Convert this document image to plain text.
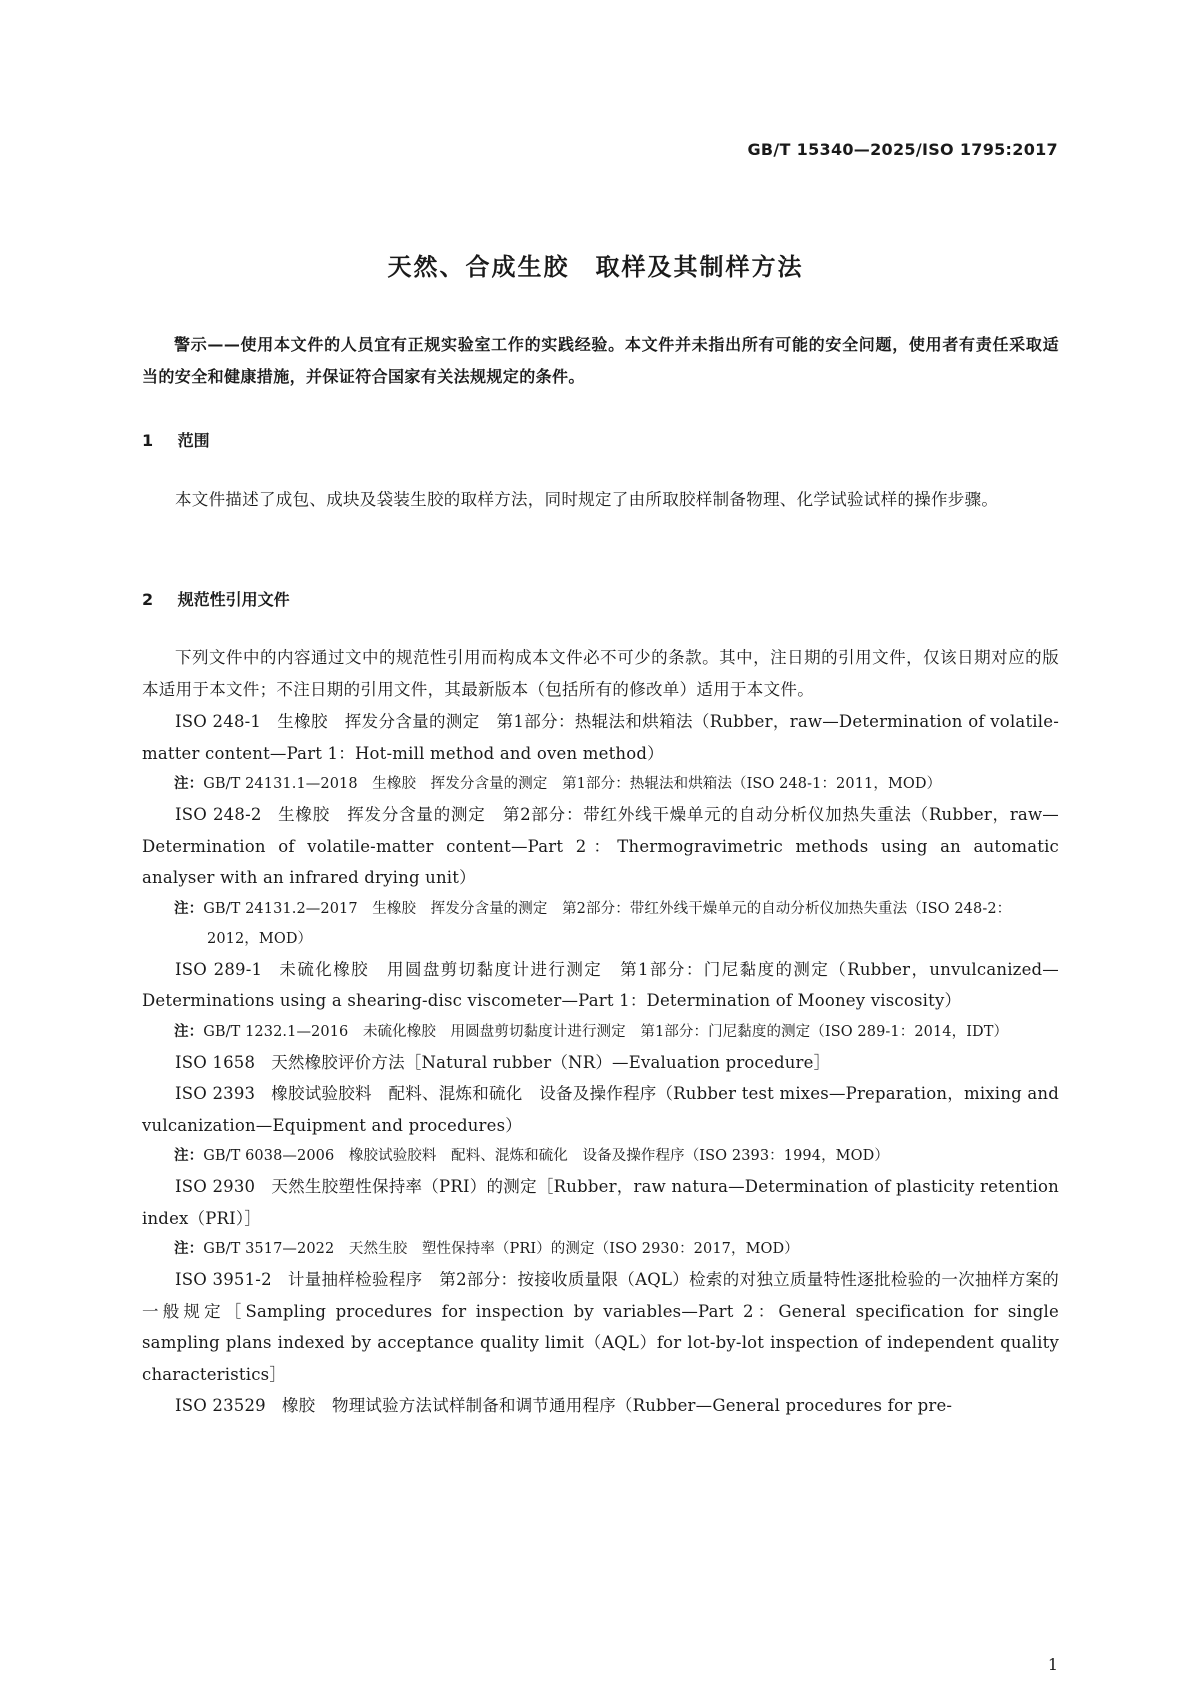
GB/T 15340—2025/ISO 1795:2017
天然、合成生胶　取样及其制样方法
警示——使用本文件的人员宜有正规实验室工作的实践经验。本文件并未指出所有可能的安全问题，使用者有责任采取适当的安全和健康措施，并保证符合国家有关法规规定的条件。
1 范围

本文件描述了成包、成块及袋装生胶的取样方法，同时规定了由所取胶样制备物理、化学试验试样的操作步骤。

2 规范性引用文件

下列文件中的内容通过文中的规范性引用而构成本文件必不可少的条款。其中，注日期的引用文件，仅该日期对应的版本适用于本文件；不注日期的引用文件，其最新版本（包括所有的修改单）适用于本文件。

ISO 248-1 生橡胶　挥发分含量的测定　第1部分：热辊法和烘箱法（Rubber，raw—Determination of volatile-matter content—Part 1：Hot-mill method and oven method）

注：GB/T 24131.1—2018　生橡胶　挥发分含量的测定　第1部分：热辊法和烘箱法（ISO 248-1：2011，MOD）

ISO 248-2 生橡胶　挥发分含量的测定　第2部分：带红外线干燥单元的自动分析仪加热失重法（Rubber，raw—Determination of volatile-matter content—Part 2：Thermogravimetric methods using an automatic analyser with an infrared drying unit）

注：GB/T 24131.2—2017　生橡胶　挥发分含量的测定　第2部分：带红外线干燥单元的自动分析仪加热失重法（ISO 248-2：2012，MOD）

ISO 289-1 未硫化橡胶　用圆盘剪切黏度计进行测定　第1部分：门尼黏度的测定（Rubber，unvulcanized—Determinations using a shearing-disc viscometer—Part 1：Determination of Mooney viscosity）

注：GB/T 1232.1—2016　未硫化橡胶　用圆盘剪切黏度计进行测定　第1部分：门尼黏度的测定（ISO 289-1：2014，IDT）

ISO 1658 天然橡胶评价方法［Natural rubber（NR）—Evaluation procedure］

ISO 2393 橡胶试验胶料　配料、混炼和硫化　设备及操作程序（Rubber test mixes—Preparation，mixing and vulcanization—Equipment and procedures）

注：GB/T 6038—2006　橡胶试验胶料　配料、混炼和硫化　设备及操作程序（ISO 2393：1994，MOD）

ISO 2930 天然生胶塑性保持率（PRI）的测定［Rubber，raw natura—Determination of plasticity retention index（PRI）］

注：GB/T 3517—2022　天然生胶　塑性保持率（PRI）的测定（ISO 2930：2017，MOD）

ISO 3951-2 计量抽样检验程序　第2部分：按接收质量限（AQL）检索的对独立质量特性逐批检验的一次抽样方案的一般规定［Sampling procedures for inspection by variables—Part 2：General specification for single sampling plans indexed by acceptance quality limit（AQL）for lot-by-lot inspection of independent quality characteristics］

ISO 23529 橡胶　物理试验方法试样制备和调节通用程序（Rubber—General procedures for pre-

1
